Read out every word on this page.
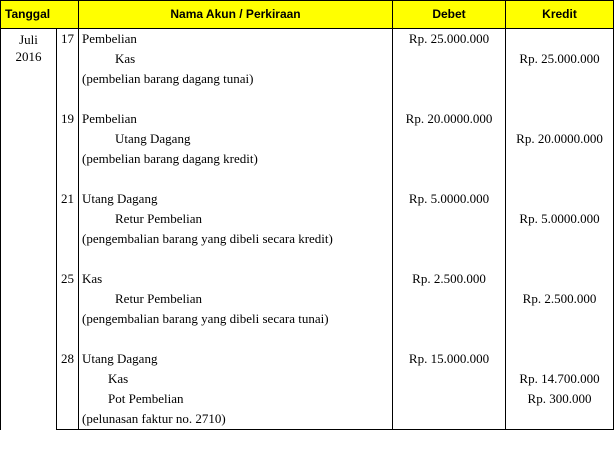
Tanggal		Nama Akun / Perkiraan	Debet	Kredit

Juli
2016	17	Pembelian	Rp. 25.000.000	
		Kas		Rp. 25.000.000
		(pembelian barang dagang tunai)		

	19	Pembelian	Rp. 20.0000.000	
		Utang Dagang		Rp. 20.0000.000
		(pembelian barang dagang kredit)		

	21	Utang Dagang	Rp. 5.0000.000	
		Retur Pembelian		Rp. 5.0000.000
		(pengembalian barang yang dibeli secara kredit)		

	25	Kas	Rp. 2.500.000	
		Retur Pembelian		Rp. 2.500.000
		(pengembalian barang yang dibeli secara tunai)		

	28	Utang Dagang	Rp. 15.000.000	
		Kas		Rp. 14.700.000
		Pot Pembelian		Rp. 300.000
		(pelunasan faktur no. 2710)		
